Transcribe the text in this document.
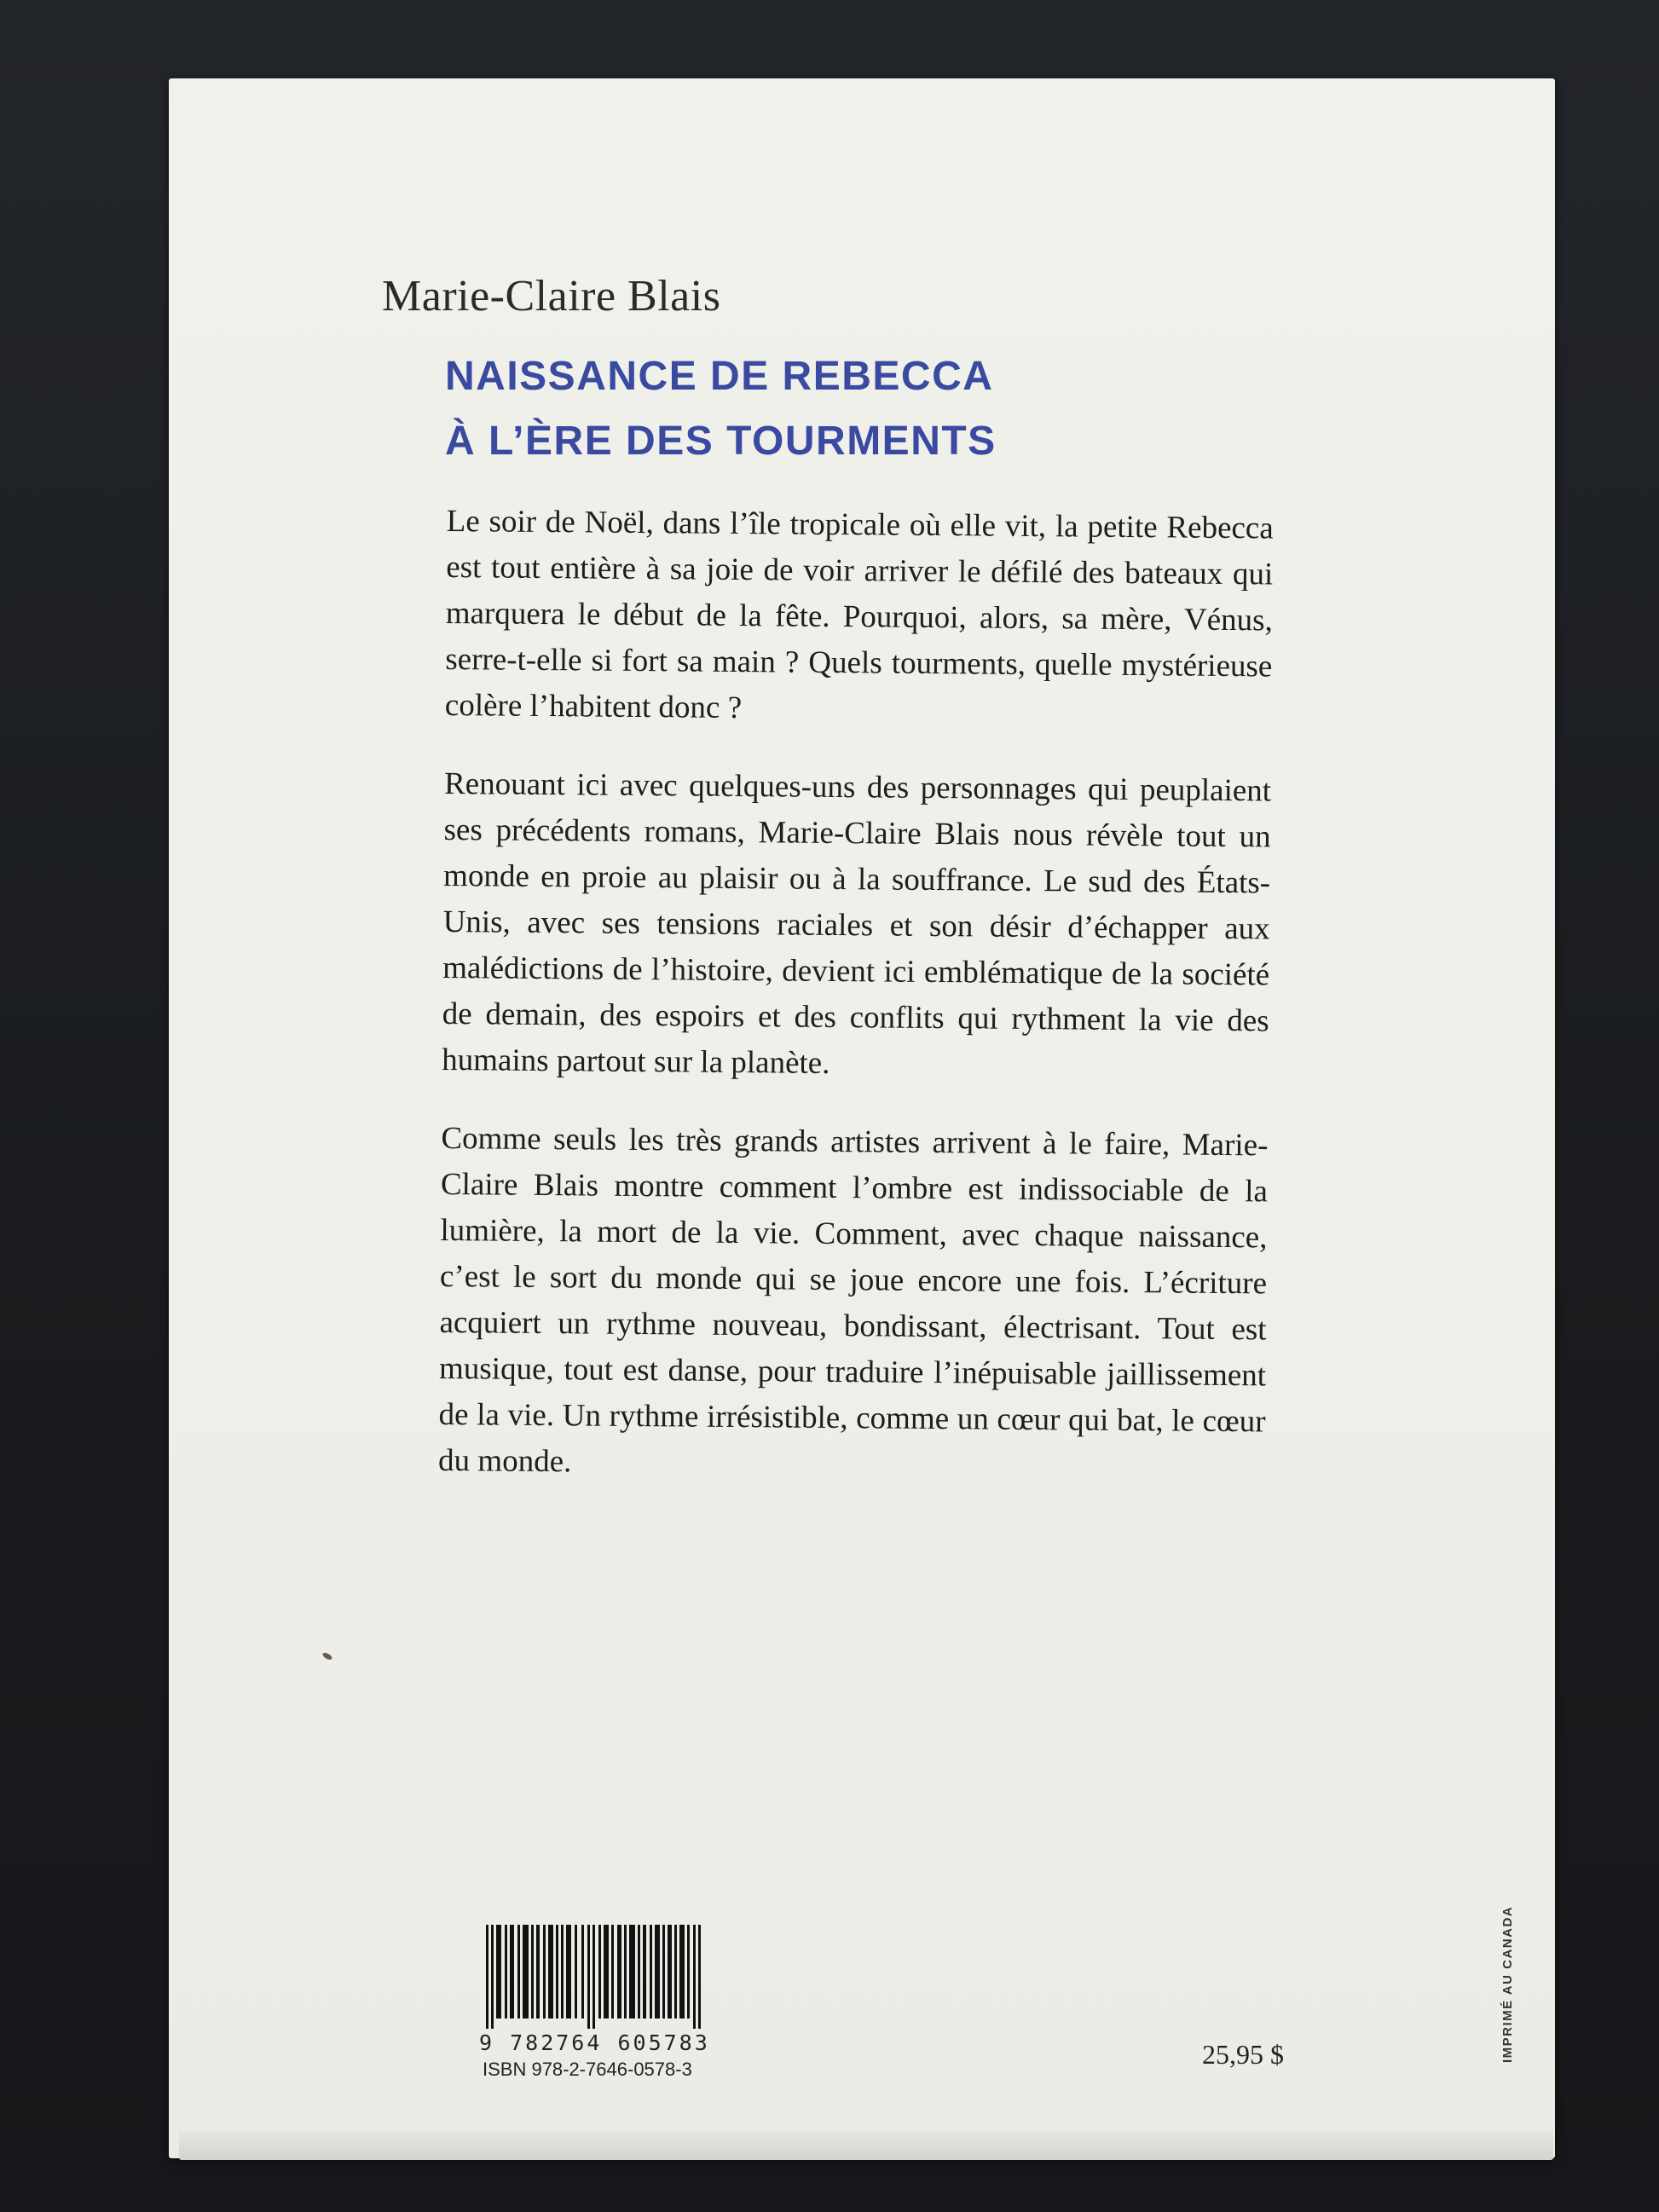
Marie-Claire Blais
NAISSANCE DE REBECCA
À L’ÈRE DES TOURMENTS

Le soir de Noël, dans l’île tropicale où elle vit, la petite Rebecca est tout entière à sa joie de voir arriver le défilé des bateaux qui marquera le début de la fête. Pourquoi, alors, sa mère, Vénus, serre-t-elle si fort sa main ? Quels tourments, quelle mystérieuse colère l’habitent donc ?

Renouant ici avec quelques-uns des personnages qui peuplaient ses précédents romans, Marie-Claire Blais nous révèle tout un monde en proie au plaisir ou à la souffrance. Le sud des États-Unis, avec ses tensions raciales et son désir d’échapper aux malédictions de l’histoire, devient ici emblématique de la société de demain, des espoirs et des conflits qui rythment la vie des humains partout sur la planète.

Comme seuls les très grands artistes arrivent à le faire, Marie-Claire Blais montre comment l’ombre est indissociable de la lumière, la mort de la vie. Comment, avec chaque naissance, c’est le sort du monde qui se joue encore une fois. L’écriture acquiert un rythme nouveau, bondissant, électrisant. Tout est musique, tout est danse, pour traduire l’inépuisable jaillissement de la vie. Un rythme irrésistible, comme un cœur qui bat, le cœur du monde.

9 782764 605783
ISBN 978-2-7646-0578-3	25,95 $	IMPRIMÉ AU CANADA
